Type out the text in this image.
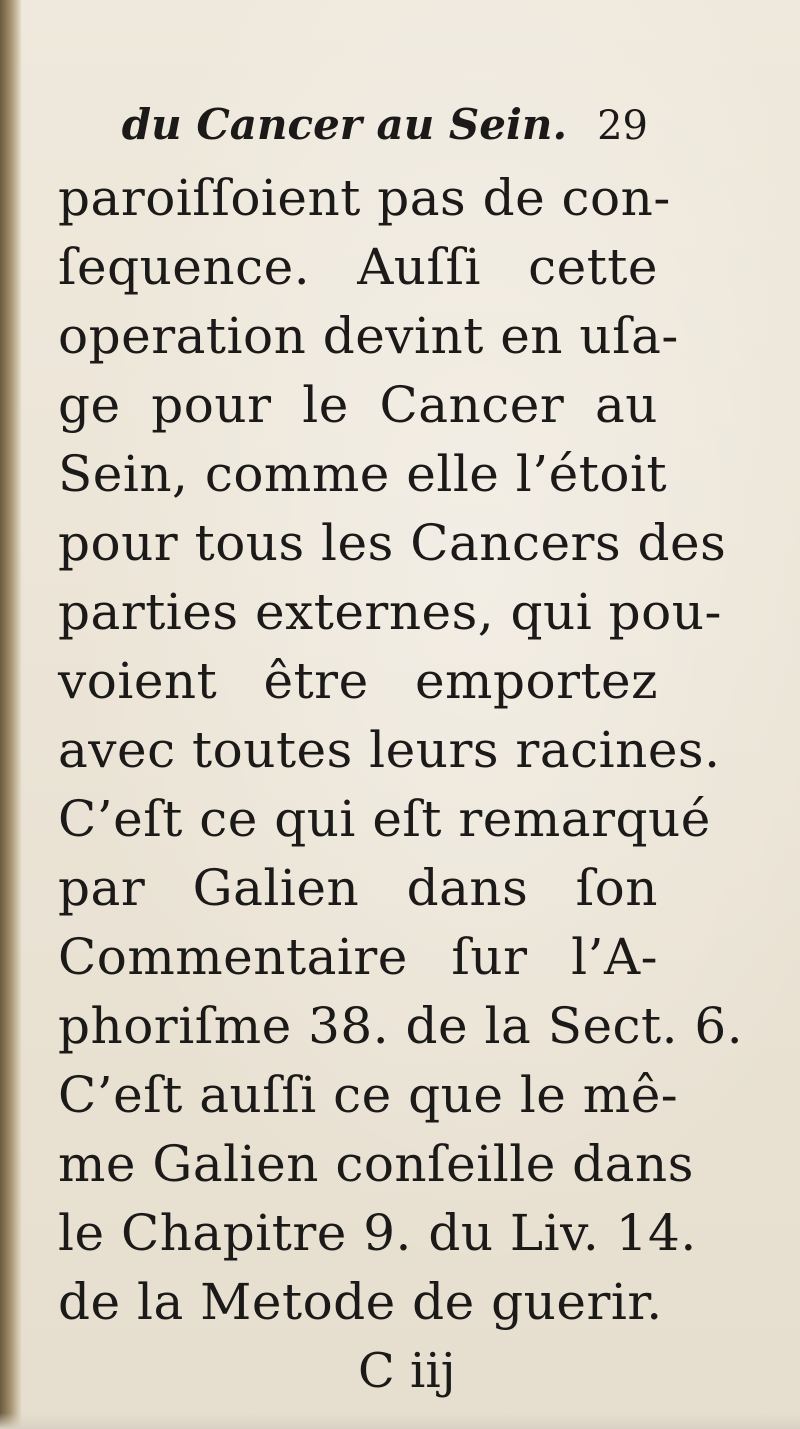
du Cancer au Sein. 29
paroiſſoient pas de con-
ſequence. Auſſi cette
operation devint en uſa-
ge pour le Cancer au
Sein, comme elle l’étoit
pour tous les Cancers des
parties externes, qui pou-
voient être emportez
avec toutes leurs racines.
C’eſt ce qui eſt remarqué
par Galien dans ſon
Commentaire ſur l’A-
phoriſme 38. de la Sect. 6.
C’eſt auſſi ce que le mê-
me Galien conſeille dans
le Chapitre 9. du Liv. 14.
de la Metode de guerir.
C iij
